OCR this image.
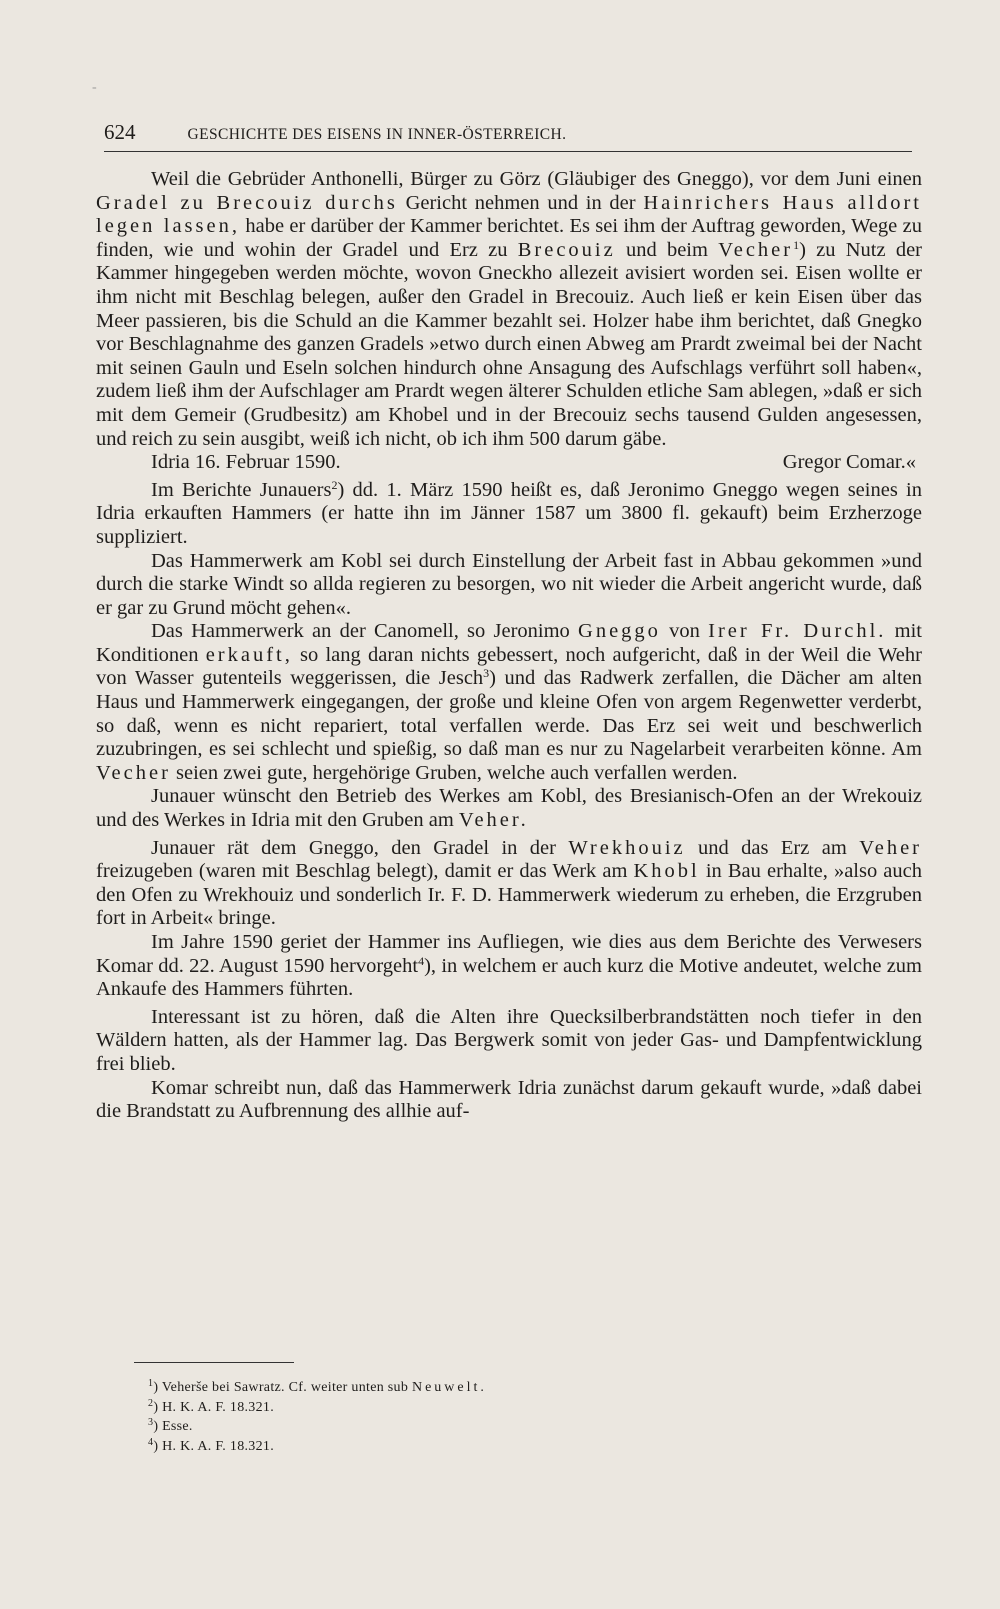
-
624	GESCHICHTE DES EISENS IN INNER-ÖSTERREICH.

Weil die Gebrüder Anthonelli, Bürger zu Görz (Gläubiger des Gneggo), vor dem Juni einen Gradel zu Brecouiz durchs Gericht nehmen und in der Hainrichers Haus alldort legen lassen, habe er darüber der Kammer berichtet. Es sei ihm der Auftrag geworden, Wege zu finden, wie und wohin der Gradel und Erz zu Brecouiz und beim Vecher$^1$) zu Nutz der Kammer hingegeben werden möchte, wovon Gneckho allezeit avisiert worden sei. Eisen wollte er ihm nicht mit Beschlag belegen, außer den Gradel in Brecouiz. Auch ließ er kein Eisen über das Meer passieren, bis die Schuld an die Kammer bezahlt sei. Holzer habe ihm berichtet, daß Gnegko vor Beschlagnahme des ganzen Gradels »etwo durch einen Abweg am Prardt zweimal bei der Nacht mit seinen Gauln und Eseln solchen hindurch ohne Ansagung des Aufschlags verführt soll haben«, zudem ließ ihm der Aufschlager am Prardt wegen älterer Schulden etliche Sam ablegen, »daß er sich mit dem Gemeir (Grudbesitz) am Khobel und in der Brecouiz sechs tausend Gulden angesessen, und reich zu sein ausgibt, weiß ich nicht, ob ich ihm 500 darum gäbe.

Idria 16. Februar 1590.	Gregor Comar.«

Im Berichte Junauers$^2$) dd. 1. März 1590 heißt es, daß Jeronimo Gneggo wegen seines in Idria erkauften Hammers (er hatte ihn im Jänner 1587 um 3800 fl. gekauft) beim Erzherzoge suppliziert.

Das Hammerwerk am Kobl sei durch Einstellung der Arbeit fast in Abbau gekommen »und durch die starke Windt so allda regieren zu besorgen, wo nit wieder die Arbeit angericht wurde, daß er gar zu Grund möcht gehen«.

Das Hammerwerk an der Canomell, so Jeronimo Gneggo von Irer Fr. Durchl. mit Konditionen erkauft, so lang daran nichts gebessert, noch aufgericht, daß in der Weil die Wehr von Wasser gutenteils weggerissen, die Jesch$^3$) und das Radwerk zerfallen, die Dächer am alten Haus und Hammerwerk eingegangen, der große und kleine Ofen von argem Regenwetter verderbt, so daß, wenn es nicht repariert, total verfallen werde. Das Erz sei weit und beschwerlich zuzubringen, es sei schlecht und spießig, so daß man es nur zu Nagelarbeit verarbeiten könne. Am Vecher seien zwei gute, hergehörige Gruben, welche auch verfallen werden.

Junauer wünscht den Betrieb des Werkes am Kobl, des Bresianisch-Ofen an der Wrekouiz und des Werkes in Idria mit den Gruben am Veher.

Junauer rät dem Gneggo, den Gradel in der Wrekhouiz und das Erz am Veher freizugeben (waren mit Beschlag belegt), damit er das Werk am Khobl in Bau erhalte, »also auch den Ofen zu Wrekhouiz und sonderlich Ir. F. D. Hammerwerk wiederum zu erheben, die Erzgruben fort in Arbeit« bringe.

Im Jahre 1590 geriet der Hammer ins Aufliegen, wie dies aus dem Berichte des Verwesers Komar dd. 22. August 1590 hervorgeht$^4$), in welchem er auch kurz die Motive andeutet, welche zum Ankaufe des Hammers führten.

Interessant ist zu hören, daß die Alten ihre Quecksilberbrandstätten noch tiefer in den Wäldern hatten, als der Hammer lag. Das Bergwerk somit von jeder Gas- und Dampfentwicklung frei blieb.

Komar schreibt nun, daß das Hammerwerk Idria zunächst darum gekauft wurde, »daß dabei die Brandstatt zu Aufbrennung des allhie auf-

$^1$) Veherše bei Sawratz. Cf. weiter unten sub Neuwelt.
$^2$) H. K. A. F. 18.321.
$^3$) Esse.
$^4$) H. K. A. F. 18.321.
